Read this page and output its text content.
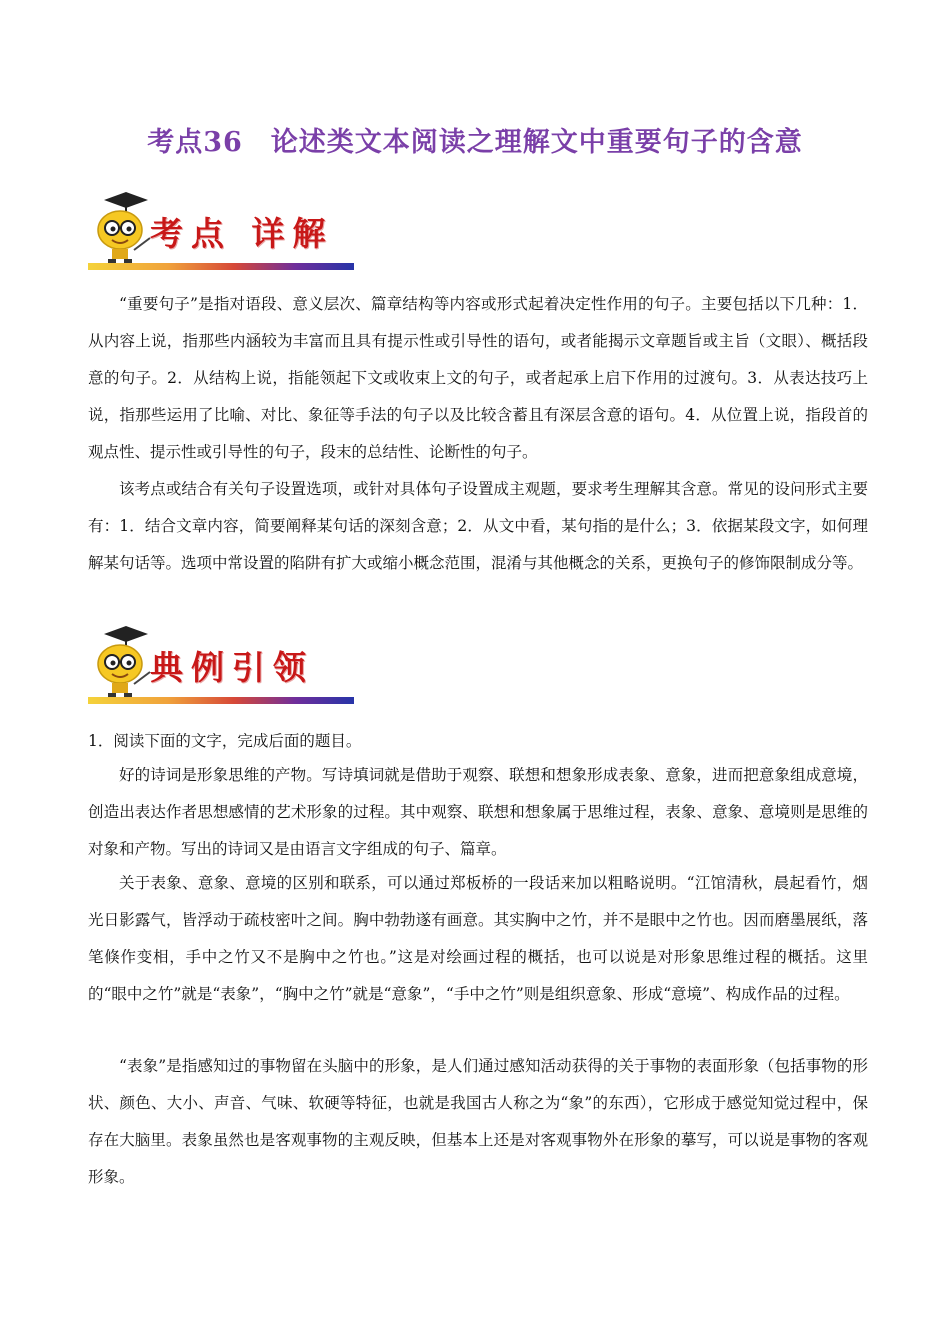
考点36　论述类文本阅读之理解文中重要句子的含意
考点 详解

“重要句子”是指对语段、意义层次、篇章结构等内容或形式起着决定性作用的句子。主要包括以下几种：1．从内容上说，指那些内涵较为丰富而且具有提示性或引导性的语句，或者能揭示文章题旨或主旨（文眼）、概括段意的句子。2．从结构上说，指能领起下文或收束上文的句子，或者起承上启下作用的过渡句。3．从表达技巧上说，指那些运用了比喻、对比、象征等手法的句子以及比较含蓄且有深层含意的语句。4．从位置上说，指段首的观点性、提示性或引导性的句子，段末的总结性、论断性的句子。

该考点或结合有关句子设置选项，或针对具体句子设置成主观题，要求考生理解其含意。常见的设问形式主要有：1．结合文章内容，简要阐释某句话的深刻含意；2．从文中看，某句指的是什么；3．依据某段文字，如何理解某句话等。选项中常设置的陷阱有扩大或缩小概念范围，混淆与其他概念的关系，更换句子的修饰限制成分等。

典例引领

1．阅读下面的文字，完成后面的题目。

好的诗词是形象思维的产物。写诗填词就是借助于观察、联想和想象形成表象、意象，进而把意象组成意境，创造出表达作者思想感情的艺术形象的过程。其中观察、联想和想象属于思维过程，表象、意象、意境则是思维的对象和产物。写出的诗词又是由语言文字组成的句子、篇章。

关于表象、意象、意境的区别和联系，可以通过郑板桥的一段话来加以粗略说明。“江馆清秋，晨起看竹，烟光日影露气，皆浮动于疏枝密叶之间。胸中勃勃遂有画意。其实胸中之竹，并不是眼中之竹也。因而磨墨展纸，落笔倏作变相，手中之竹又不是胸中之竹也。”这是对绘画过程的概括，也可以说是对形象思维过程的概括。这里的“眼中之竹”就是“表象”，“胸中之竹”就是“意象”，“手中之竹”则是组织意象、形成“意境”、构成作品的过程。

“表象”是指感知过的事物留在头脑中的形象，是人们通过感知活动获得的关于事物的表面形象（包括事物的形状、颜色、大小、声音、气味、软硬等特征，也就是我国古人称之为“象”的东西），它形成于感觉知觉过程中，保存在大脑里。表象虽然也是客观事物的主观反映，但基本上还是对客观事物外在形象的摹写，可以说是事物的客观形象。
